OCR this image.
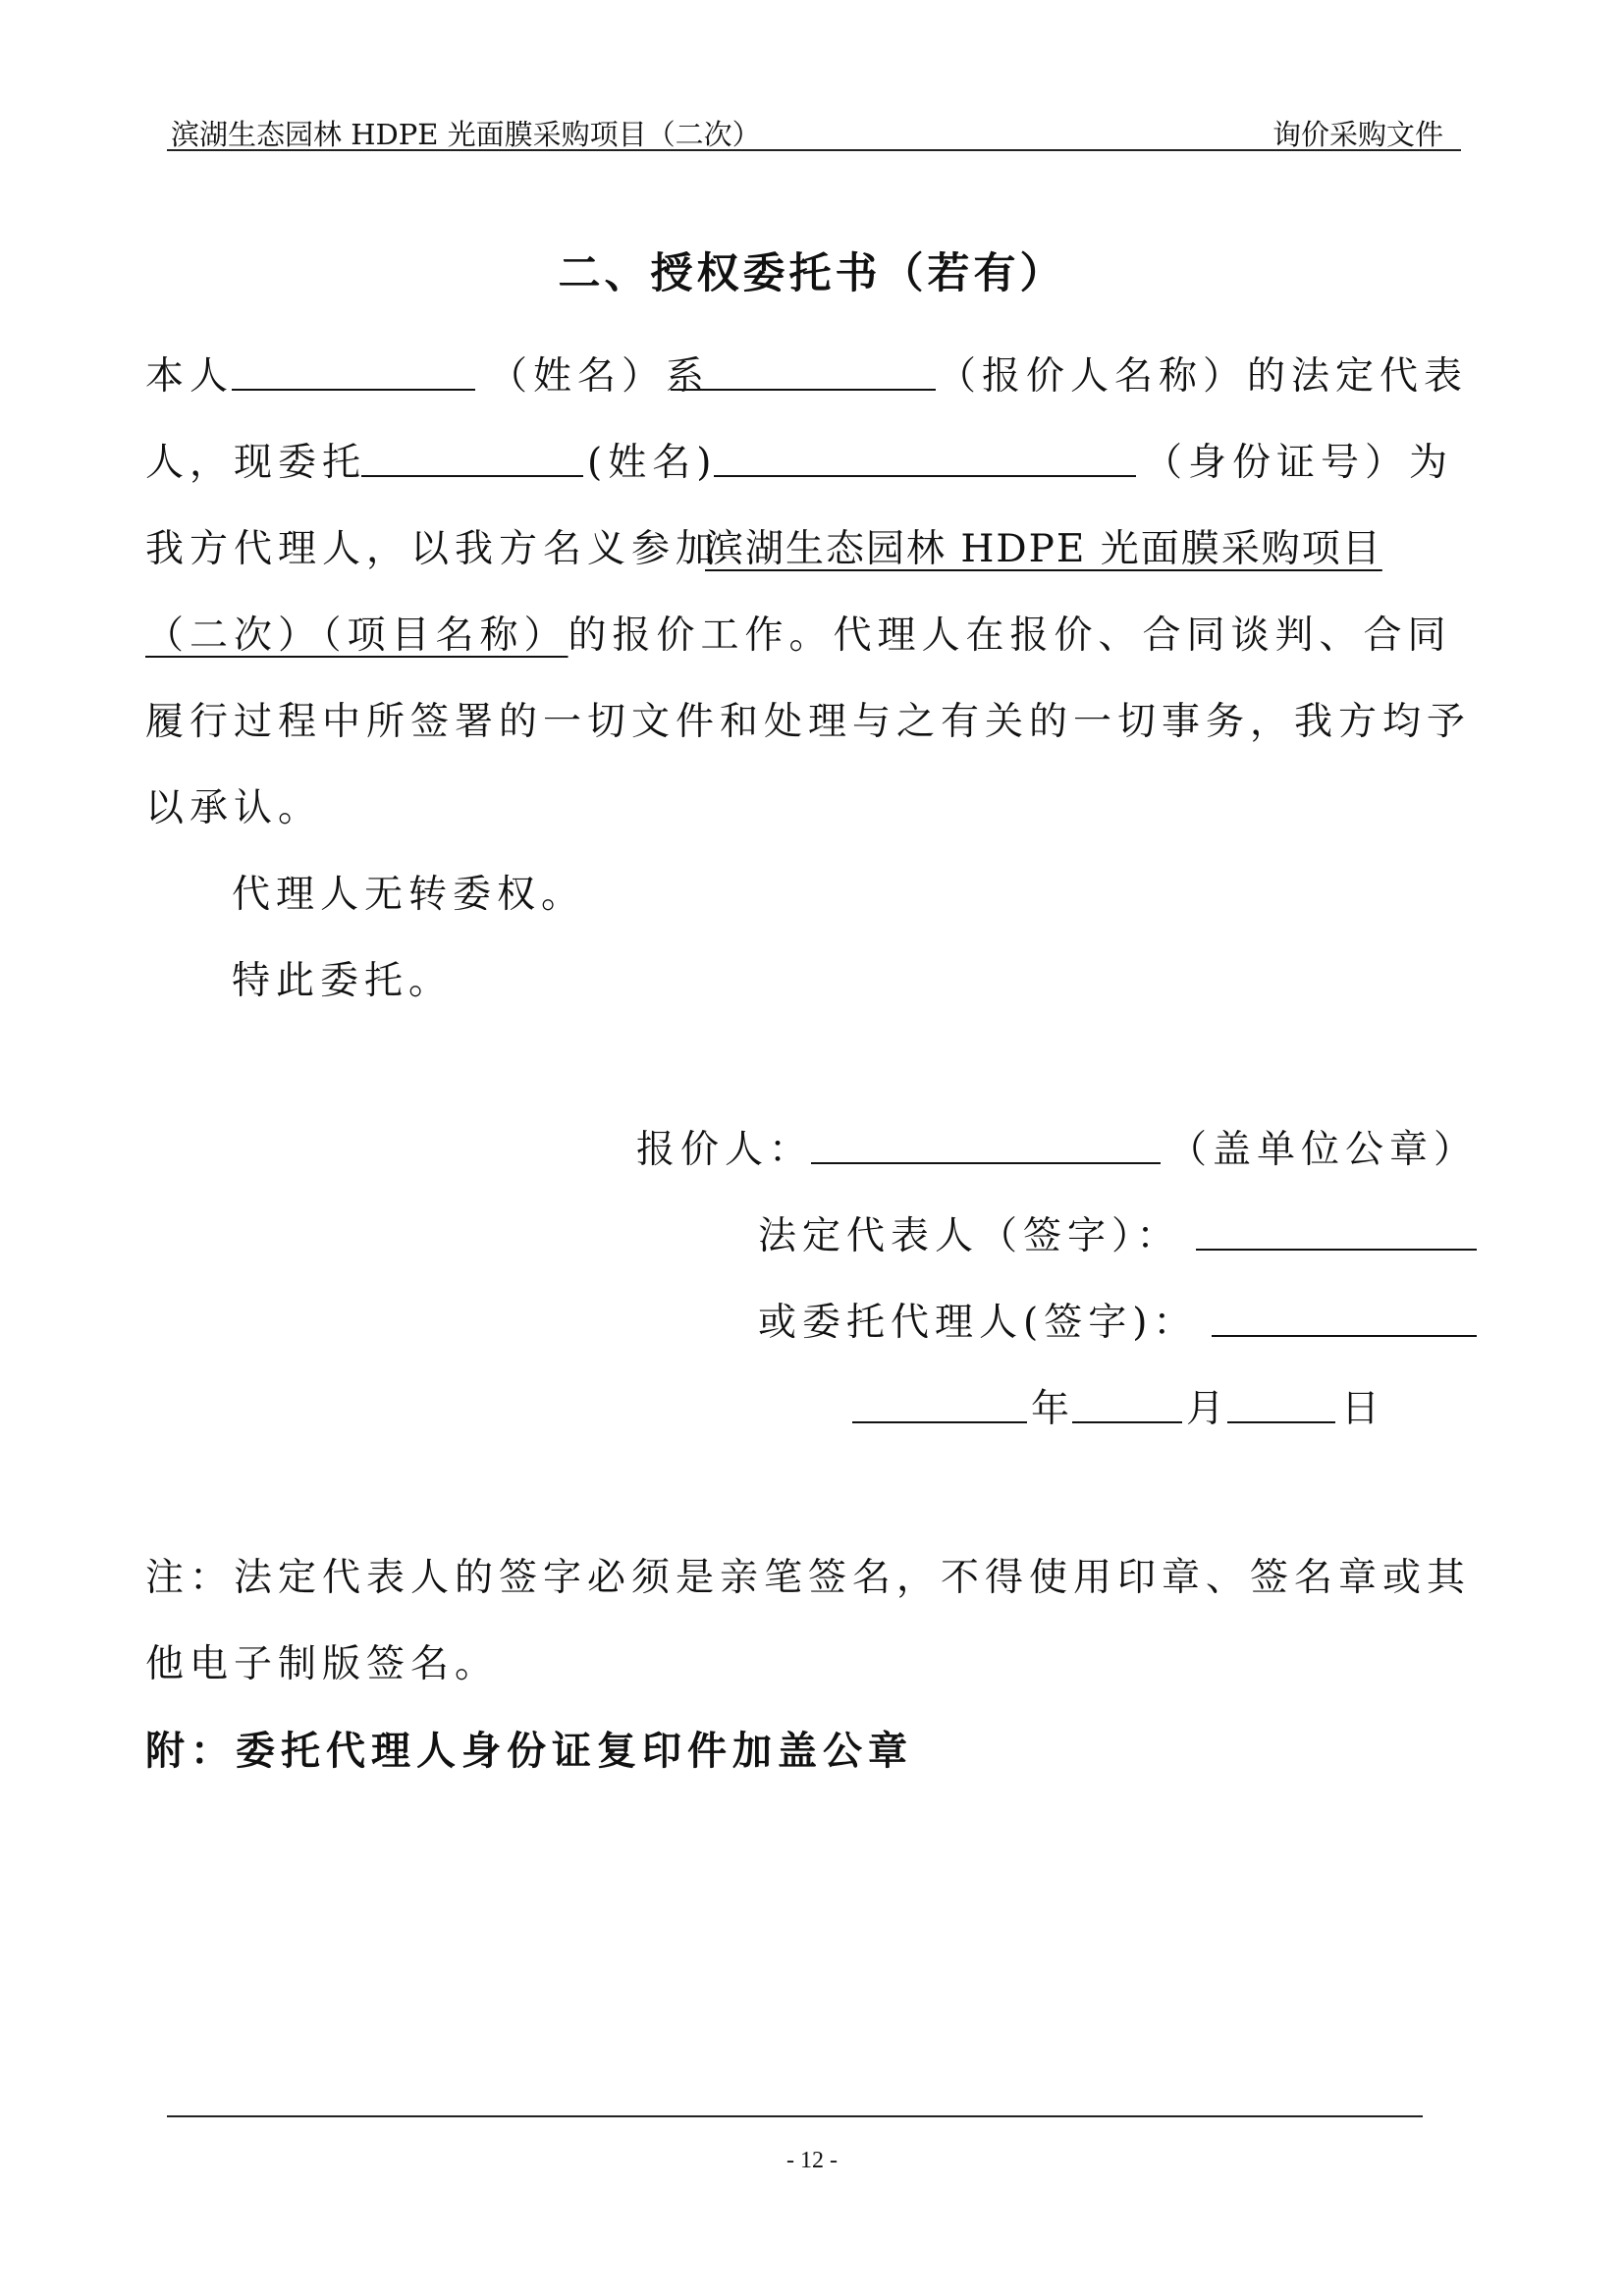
滨湖生态园林 HDPE 光面膜采购项目（二次）	询价采购文件
二、授权委托书（若有）
本人	（姓名）系	（报价人名称）的法定代表
人，现委托	(姓名)	（身份证号）为
我方代理人，以我方名义参加
滨湖生态园林 HDPE 光面膜采购项目
（二次）（项目名称）的报价工作。代理人在报价、合同谈判、合同
履行过程中所签署的一切文件和处理与之有关的一切事务，我方均予
以承认。
代理人无转委权。
特此委托。
报价人：	（盖单位公章）
法定代表人（签字）：
或委托代理人(签字)：
年	月	日
注：法定代表人的签字必须是亲笔签名，不得使用印章、签名章或其
他电子制版签名。
附：委托代理人身份证复印件加盖公章
- 12 -
